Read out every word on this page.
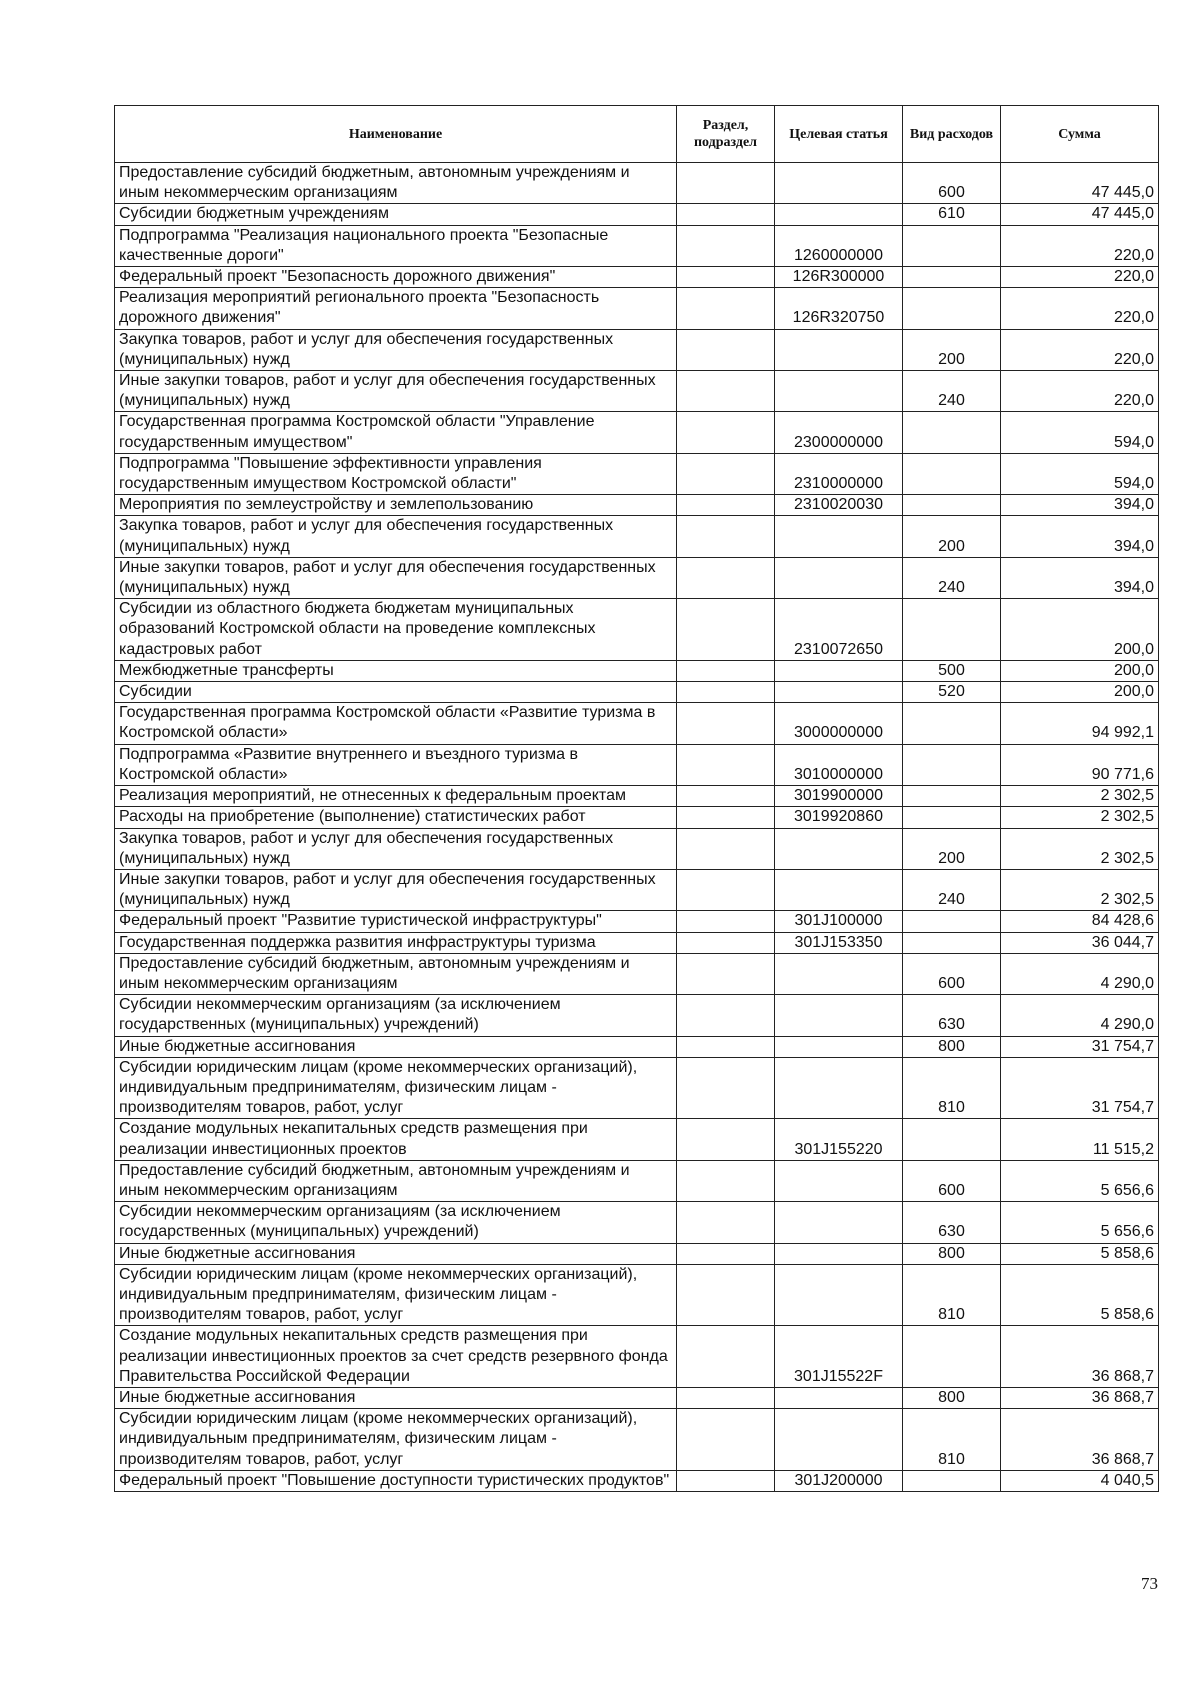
Наименование	Раздел, подраздел	Целевая статья	Вид расходов	Сумма
Предоставление субсидий бюджетным, автономным учреждениям и иным некоммерческим организациям			600	47 445,0
Субсидии бюджетным учреждениям			610	47 445,0
Подпрограмма "Реализация национального проекта "Безопасные качественные дороги"		1260000000		220,0
Федеральный проект "Безопасность дорожного движения"		126R300000		220,0
Реализация мероприятий регионального проекта "Безопасность дорожного движения"		126R320750		220,0
Закупка товаров, работ и услуг для обеспечения государственных (муниципальных) нужд			200	220,0
Иные закупки товаров, работ и услуг для обеспечения государственных (муниципальных) нужд			240	220,0
Государственная программа Костромской области "Управление государственным имуществом"		2300000000		594,0
Подпрограмма "Повышение эффективности управления государственным имуществом Костромской области"		2310000000		594,0
Мероприятия по землеустройству и землепользованию		2310020030		394,0
Закупка товаров, работ и услуг для обеспечения государственных (муниципальных) нужд			200	394,0
Иные закупки товаров, работ и услуг для обеспечения государственных (муниципальных) нужд			240	394,0
Субсидии из областного бюджета бюджетам муниципальных образований Костромской области на проведение комплексных кадастровых работ		2310072650		200,0
Межбюджетные трансферты			500	200,0
Субсидии			520	200,0
Государственная программа Костромской области «Развитие туризма в Костромской области»		3000000000		94 992,1
Подпрограмма «Развитие внутреннего и въездного туризма в Костромской области»		3010000000		90 771,6
Реализация мероприятий, не отнесенных к федеральным проектам		3019900000		2 302,5
Расходы на приобретение (выполнение) статистических работ		3019920860		2 302,5
Закупка товаров, работ и услуг для обеспечения государственных (муниципальных) нужд			200	2 302,5
Иные закупки товаров, работ и услуг для обеспечения государственных (муниципальных) нужд			240	2 302,5
Федеральный проект "Развитие туристической инфраструктуры"		301J100000		84 428,6
Государственная поддержка развития инфраструктуры туризма		301J153350		36 044,7
Предоставление субсидий бюджетным, автономным учреждениям и иным некоммерческим организациям			600	4 290,0
Субсидии некоммерческим организациям (за исключением государственных (муниципальных) учреждений)			630	4 290,0
Иные бюджетные ассигнования			800	31 754,7
Субсидии юридическим лицам (кроме некоммерческих организаций), индивидуальным предпринимателям, физическим лицам - производителям товаров, работ, услуг			810	31 754,7
Создание модульных некапитальных средств размещения при реализации инвестиционных проектов		301J155220		11 515,2
Предоставление субсидий бюджетным, автономным учреждениям и иным некоммерческим организациям			600	5 656,6
Субсидии некоммерческим организациям (за исключением государственных (муниципальных) учреждений)			630	5 656,6
Иные бюджетные ассигнования			800	5 858,6
Субсидии юридическим лицам (кроме некоммерческих организаций), индивидуальным предпринимателям, физическим лицам - производителям товаров, работ, услуг			810	5 858,6
Создание модульных некапитальных средств размещения при реализации инвестиционных проектов за счет средств резервного фонда Правительства Российской Федерации		301J15522F		36 868,7
Иные бюджетные ассигнования			800	36 868,7
Субсидии юридическим лицам (кроме некоммерческих организаций), индивидуальным предпринимателям, физическим лицам - производителям товаров, работ, услуг			810	36 868,7
Федеральный проект "Повышение доступности туристических продуктов"		301J200000		4 040,5
73
